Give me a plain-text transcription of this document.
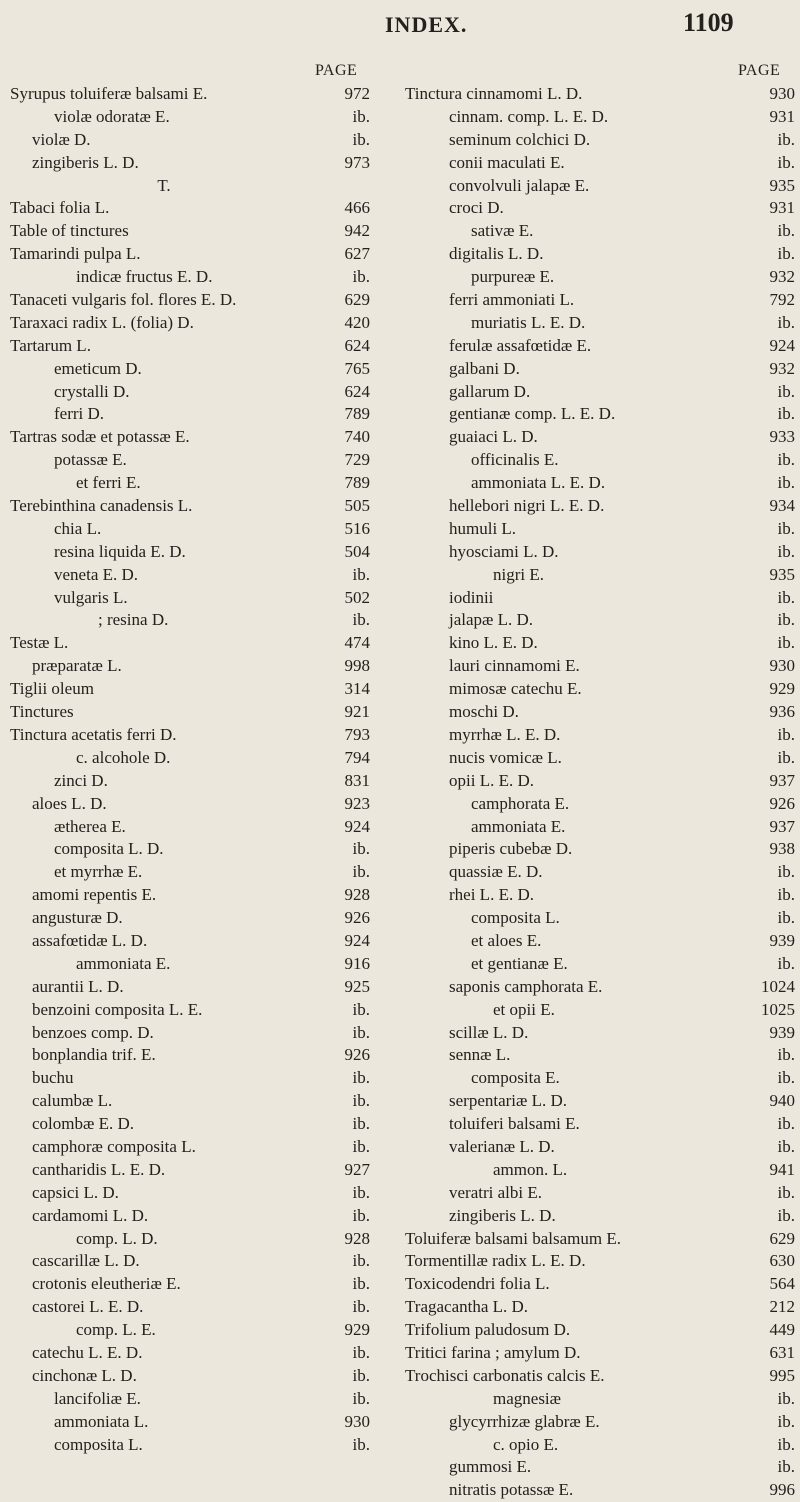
INDEX.	1109
PAGE	PAGE
Syrupus toluiferæ balsami E.	972
violæ odoratæ E.	ib.
violæ D.	ib.
zingiberis L. D.	973
T.
Tabaci folia L.	466
Table of tinctures	942
Tamarindi pulpa L.	627
indicæ fructus E. D.	ib.
Tanaceti vulgaris fol. flores E. D.	629
Taraxaci radix L. (folia) D.	420
Tartarum L.	624
emeticum D.	765
crystalli D.	624
ferri D.	789
Tartras sodæ et potassæ E.	740
potassæ E.	729
et ferri E.	789
Terebinthina canadensis L.	505
chia L.	516
resina liquida E. D.	504
veneta E. D.	ib.
vulgaris L.	502
; resina D.	ib.
Testæ L.	474
præparatæ L.	998
Tiglii oleum	314
Tinctures	921
Tinctura acetatis ferri D.	793
c. alcohole D.	794
zinci D.	831
aloes L. D.	923
ætherea E.	924
composita L. D.	ib.
et myrrhæ E.	ib.
amomi repentis E.	928
angusturæ D.	926
assafœtidæ L. D.	924
ammoniata E.	916
aurantii L. D.	925
benzoini composita L. E.	ib.
benzoes comp. D.	ib.
bonplandia trif. E.	926
buchu	ib.
calumbæ L.	ib.
colombæ E. D.	ib.
camphoræ composita L.	ib.
cantharidis L. E. D.	927
capsici L. D.	ib.
cardamomi L. D.	ib.
comp. L. D.	928
cascarillæ L. D.	ib.
crotonis eleutheriæ E.	ib.
castorei L. E. D.	ib.
comp. L. E.	929
catechu L. E. D.	ib.
cinchonæ L. D.	ib.
lancifoliæ E.	ib.
ammoniata L.	930
composita L.	ib.
Tinctura cinnamomi L. D.	930
cinnam. comp. L. E. D.	931
seminum colchici D.	ib.
conii maculati E.	ib.
convolvuli jalapæ E.	935
croci D.	931
sativæ E.	ib.
digitalis L. D.	ib.
purpureæ E.	932
ferri ammoniati L.	792
muriatis L. E. D.	ib.
ferulæ assafœtidæ E.	924
galbani D.	932
gallarum D.	ib.
gentianæ comp. L. E. D.	ib.
guaiaci L. D.	933
officinalis E.	ib.
ammoniata L. E. D.	ib.
hellebori nigri L. E. D.	934
humuli L.	ib.
hyosciami L. D.	ib.
nigri E.	935
iodinii	ib.
jalapæ L. D.	ib.
kino L. E. D.	ib.
lauri cinnamomi E.	930
mimosæ catechu E.	929
moschi D.	936
myrrhæ L. E. D.	ib.
nucis vomicæ L.	ib.
opii L. E. D.	937
camphorata E.	926
ammoniata E.	937
piperis cubebæ D.	938
quassiæ E. D.	ib.
rhei L. E. D.	ib.
composita L.	ib.
et aloes E.	939
et gentianæ E.	ib.
saponis camphorata E.	1024
et opii E.	1025
scillæ L. D.	939
sennæ L.	ib.
composita E.	ib.
serpentariæ L. D.	940
toluiferi balsami E.	ib.
valerianæ L. D.	ib.
ammon. L.	941
veratri albi E.	ib.
zingiberis L. D.	ib.
Toluiferæ balsami balsamum E.	629
Tormentillæ radix L. E. D.	630
Toxicodendri folia L.	564
Tragacantha L. D.	212
Trifolium paludosum D.	449
Tritici farina ; amylum D.	631
Trochisci carbonatis calcis E.	995
magnesiæ	ib.
glycyrrhizæ glabræ E.	ib.
c. opio E.	ib.
gummosi E.	ib.
nitratis potassæ E.	996
